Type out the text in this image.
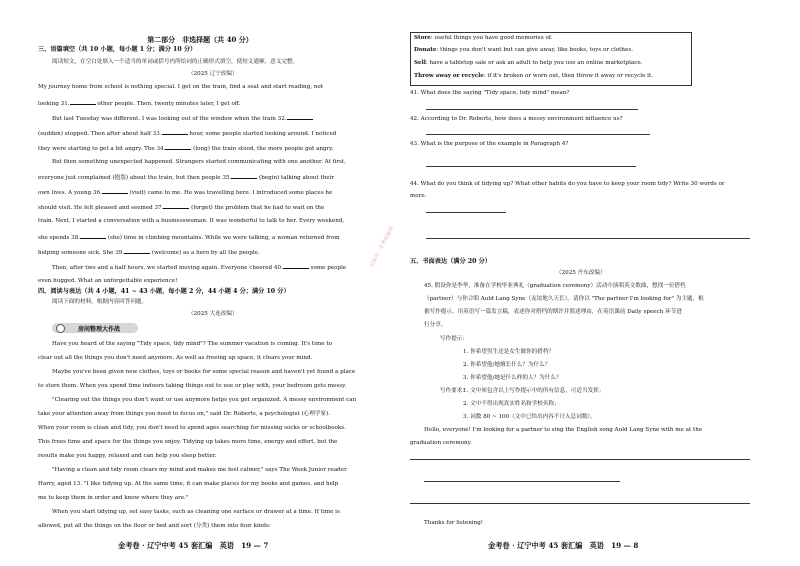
第二部分　非选择题（共 40 分）
三、语篇填空（共 10 小题，每小题 1 分；满分 10 分）
阅读短文，在空白处填入一个适当的单词或括号内所给词的正确形式填空，使短文通顺、意义完整。
（2025 辽宁改编）
My journey home from school is nothing special. I get on the train, find a seat and start reading, not
looking 31.	other people. Then, twenty minutes later, I get off.
But last Tuesday was different. I was looking out of the window when the train 32.
(sudden) stopped. Then after about half 33.	hour, some people started looking around. I noticed
they were starting to get a bit angry. The 34.	(long) the train stood, the more people got angry.
But then something unexpected happened. Strangers started communicating with one another. At first,
everyone just complained (抱怨) about the train, but then people 35.	(begin) talking about their
own lives. A young 36.	(visit) came to me. He was travelling here. I introduced some places he
should visit. He felt pleased and seemed 37.	(forget) the problem that he had to wait on the
train. Next, I started a conversation with a businesswoman. It was wonderful to talk to her. Every weekend,
she spends 38.	(she) time in climbing mountains. While we were talking, a woman returned from
helping someone sick. She 39.	(welcome) as a hero by all the people.
Then, after two and a half hours, we started moving again. Everyone cheered 40.	some people
even hugged. What an unforgettable experience!
四、阅读与表达（共 4 小题，41 ~ 43 小题，每小题 2 分，44 小题 4 分；满分 10 分）
阅读下面的材料，根据内容回答问题。
（2025 大连改编）
房间整理大作战
Have you heard of the saying "Tidy space, tidy mind"? The summer vacation is coming. It's time to
clear out all the things you don't need anymore. As well as freeing up space, it clears your mind.
Maybe you've been given new clothes, toys or books for some special reason and haven't yet found a place
to store them. When you spend time indoors taking things out to use or play with, your bedroom gets messy.
"Clearing out the things you don't want or use anymore helps you get organized. A messy environment can
take your attention away from things you need to focus on," said Dr. Roberts, a psychologist (心理学家).
When your room is clean and tidy, you don't need to spend ages searching for missing socks or schoolbooks.
This frees time and space for the things you enjoy. Tidying up takes more time, energy and effort, but the
results make you happy, relaxed and can help you sleep better.
"Having a clean and tidy room clears my mind and makes me feel calmer," says The Week Junior reader
Harry, aged 13. "I like tidying up. At the same time, it can make places for my books and games, and help
me to keep them in order and know where they are."
When you start tidying up, set easy tasks, such as cleaning one surface or drawer at a time. If time is
allowed, put all the things on the floor or bed and sort (分类) them into four kinds:
金考卷 · 辽宁中考 45 套汇编　英语　19 — 7
Store: useful things you have good memories of.
Donate: things you don't want but can give away, like books, toys or clothes.
Sell: have a tabletop sale or ask an adult to help you use an online marketplace.
Throw away or recycle: if it's broken or worn out, then throw it away or recycle it.
41. What does the saying "Tidy space, tidy mind" mean?
42. According to Dr. Roberts, how does a messy environment influence us?
43. What is the purpose of the example in Paragraph 4?
44. What do you think of tidying up? What other habits do you have to keep your room tidy? Write 30 words or
more.
五、书面表达（满分 20 分）
（2025 丹东改编）
45. 假设你是李华，准备在学校毕业典礼（graduation ceremony）活动中演唱英文歌曲，想找一位搭档
（partner）与你合唱 Auld Lang Syne（友谊地久天长）。请你以 "The partner I'm looking for" 为主题，根
据写作提示，用英语写一篇发言稿，表述你对搭档的期许并简述理由，在英语课前 Daily speech 环节进
行分享。
写作提示：
1. 你希望男生还是女生做你的搭档？
2. 你希望他/她擅长什么？为什么？
3. 你希望他/她是什么样的人？为什么？
写作要求：
1. 文中须包含以上写作提示中的所有信息，可适当发挥；
2. 文中不得出现真实姓名和学校名称；
3. 词数 80 ~ 100（文中已给出内容不计入总词数）。
Hello, everyone! I'm looking for a partner to sing the English song Auld Lang Syne with me at the
graduation ceremony.
Thanks for listening!
公众号：中考试卷库
金考卷 · 辽宁中考 45 套汇编　英语　19 — 8
